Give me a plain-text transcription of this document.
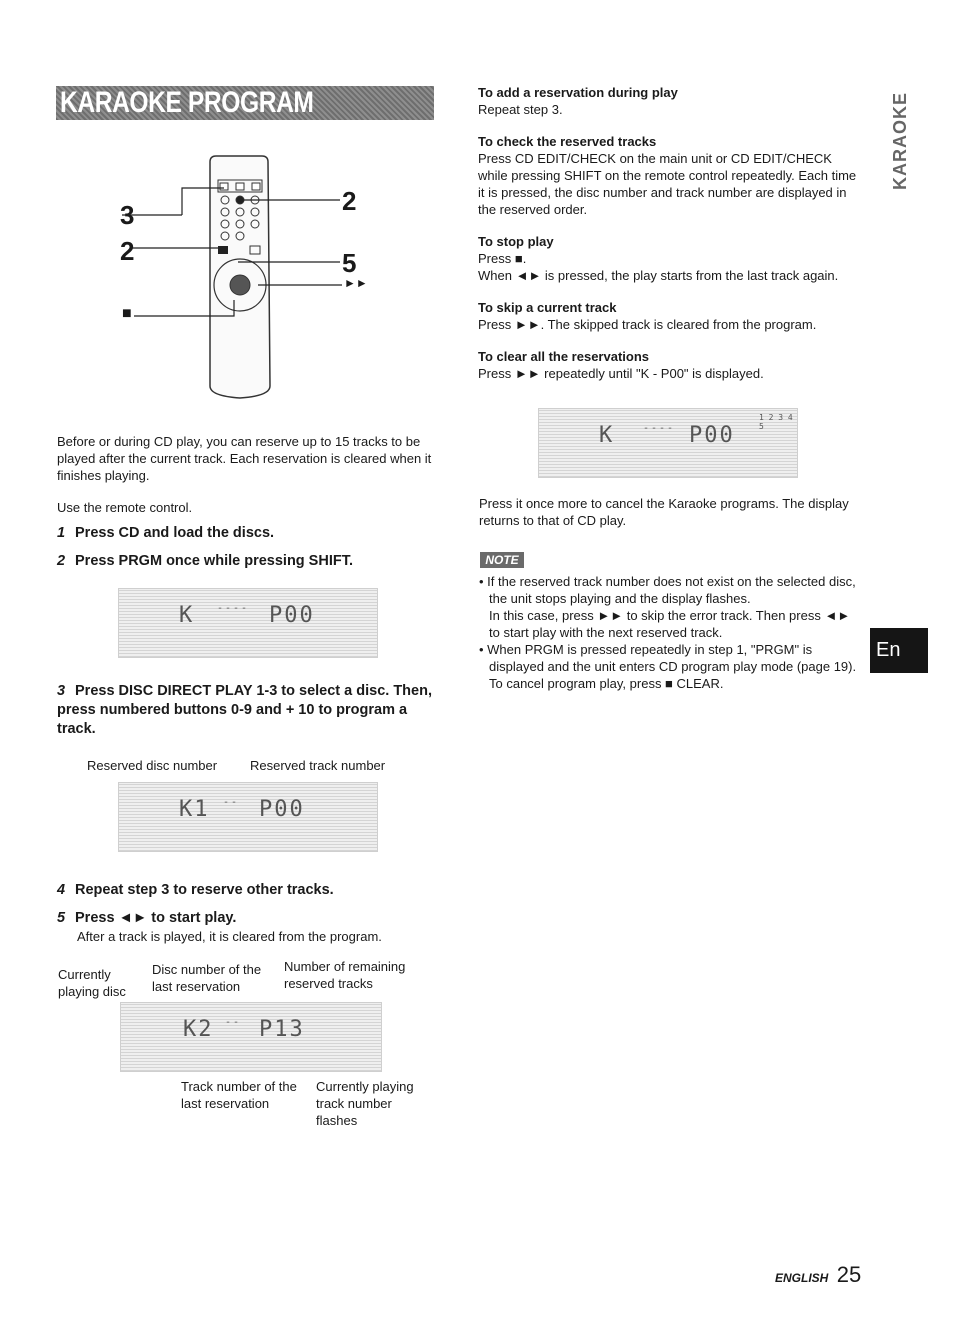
KARAOKE PROGRAM
3
2
2
5
■
►►
Before or during CD play, you can reserve up to 15 tracks to be played after the current track. Each reservation is cleared when it finishes playing.
Use the remote control.
1 Press CD and load the discs.
2 Press PRGM once while pressing SHIFT.
K ---- P00
3 Press DISC DIRECT PLAY 1-3 to select a disc. Then, press numbered buttons 0-9 and + 10 to program a track.
Reserved disc number	Reserved track number
K1 -- P00
4 Repeat step 3 to reserve other tracks.
5 Press ◄► to start play.
After a track is played, it is cleared from the program.
Currently playing disc
Disc number of the last reservation
Number of remaining reserved tracks
K2 -- P13
Track number of the last reservation
Currently playing track number flashes
To add a reservation during play
Repeat step 3.
To check the reserved tracks
Press CD EDIT/CHECK on the main unit or CD EDIT/CHECK while pressing SHIFT on the remote control repeatedly. Each time it is pressed, the disc number and track number are displayed in the reserved order.
To stop play
Press ■.
When ◄► is pressed, the play starts from the last track again.
To skip a current track
Press ►►. The skipped track is cleared from the program.
To clear all the reservations
Press ►► repeatedly until "K - P00" is displayed.
K	---- P00
1 2 3 4 5
Press it once more to cancel the Karaoke programs. The display returns to that of CD play.
NOTE
• If the reserved track number does not exist on the selected disc, the unit stops playing and the display flashes.
In this case, press ►► to skip the error track. Then press ◄► to start play with the next reserved track.
• When PRGM is pressed repeatedly in step 1, "PRGM" is displayed and the unit enters CD program play mode (page 19).
To cancel program play, press ■ CLEAR.
KARAOKE
En
ENGLISH 25
